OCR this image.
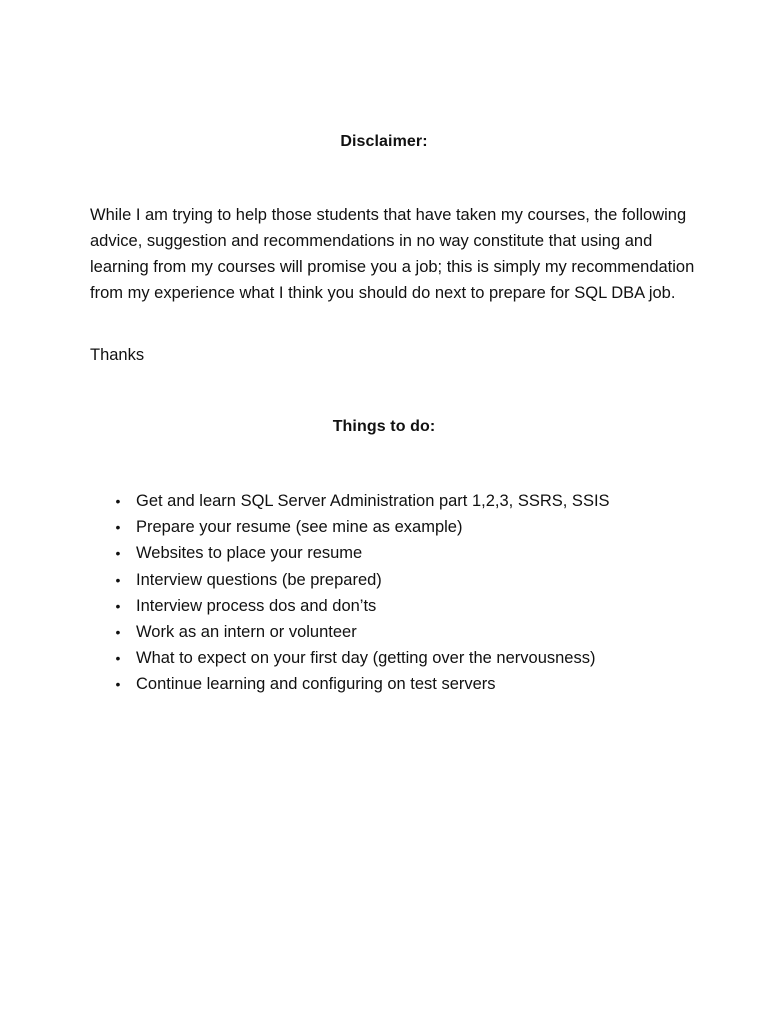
Disclaimer:

While I am trying to help those students that have taken my courses, the following advice, suggestion and recommendations in no way constitute that using and learning from my courses will promise you a job; this is simply my recommendation from my experience what I think you should do next to prepare for SQL DBA job.

Thanks

Things to do:
• Get and learn SQL Server Administration part 1,2,3, SSRS, SSIS
• Prepare your resume (see mine as example)
• Websites to place your resume
• Interview questions (be prepared)
• Interview process dos and don’ts
• Work as an intern or volunteer
• What to expect on your first day (getting over the nervousness)
• Continue learning and configuring on test servers
